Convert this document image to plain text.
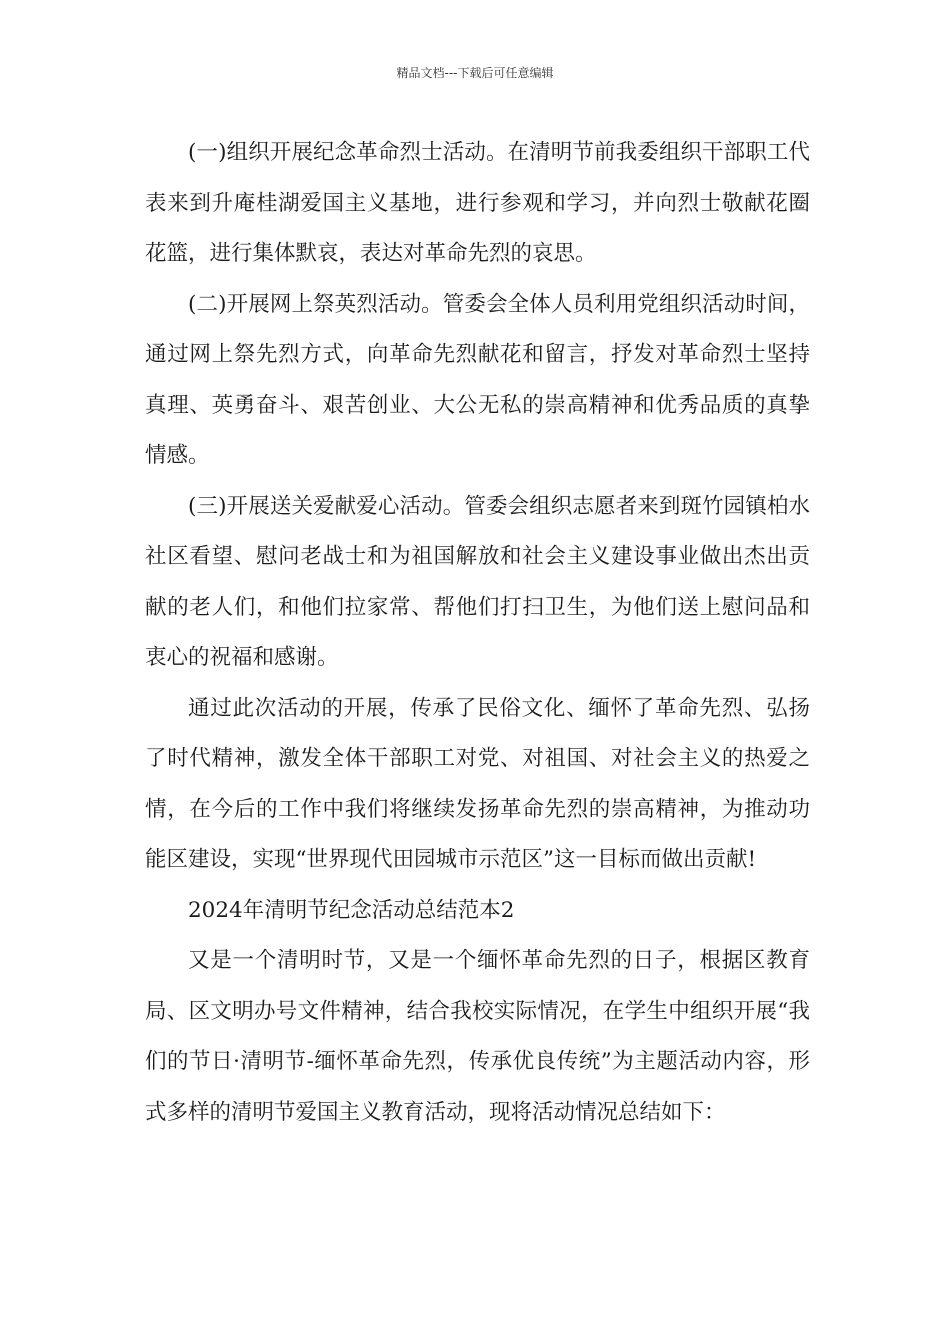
精品文档---下载后可任意编辑

(一)组织开展纪念革命烈士活动。在清明节前我委组织干部职工代表来到升庵桂湖爱国主义基地，进行参观和学习，并向烈士敬献花圈花篮，进行集体默哀，表达对革命先烈的哀思。

(二)开展网上祭英烈活动。管委会全体人员利用党组织活动时间，通过网上祭先烈方式，向革命先烈献花和留言，抒发对革命烈士坚持真理、英勇奋斗、艰苦创业、大公无私的崇高精神和优秀品质的真挚情感。

(三)开展送关爱献爱心活动。管委会组织志愿者来到斑竹园镇柏水社区看望、慰问老战士和为祖国解放和社会主义建设事业做出杰出贡献的老人们，和他们拉家常、帮他们打扫卫生，为他们送上慰问品和衷心的祝福和感谢。

通过此次活动的开展，传承了民俗文化、缅怀了革命先烈、弘扬了时代精神，激发全体干部职工对党、对祖国、对社会主义的热爱之情，在今后的工作中我们将继续发扬革命先烈的崇高精神，为推动功能区建设，实现“世界现代田园城市示范区”这一目标而做出贡献!

2024年清明节纪念活动总结范本2

又是一个清明时节，又是一个缅怀革命先烈的日子，根据区教育局、区文明办号文件精神，结合我校实际情况，在学生中组织开展“我们的节日·清明节-缅怀革命先烈，传承优良传统”为主题活动内容，形式多样的清明节爱国主义教育活动，现将活动情况总结如下：
